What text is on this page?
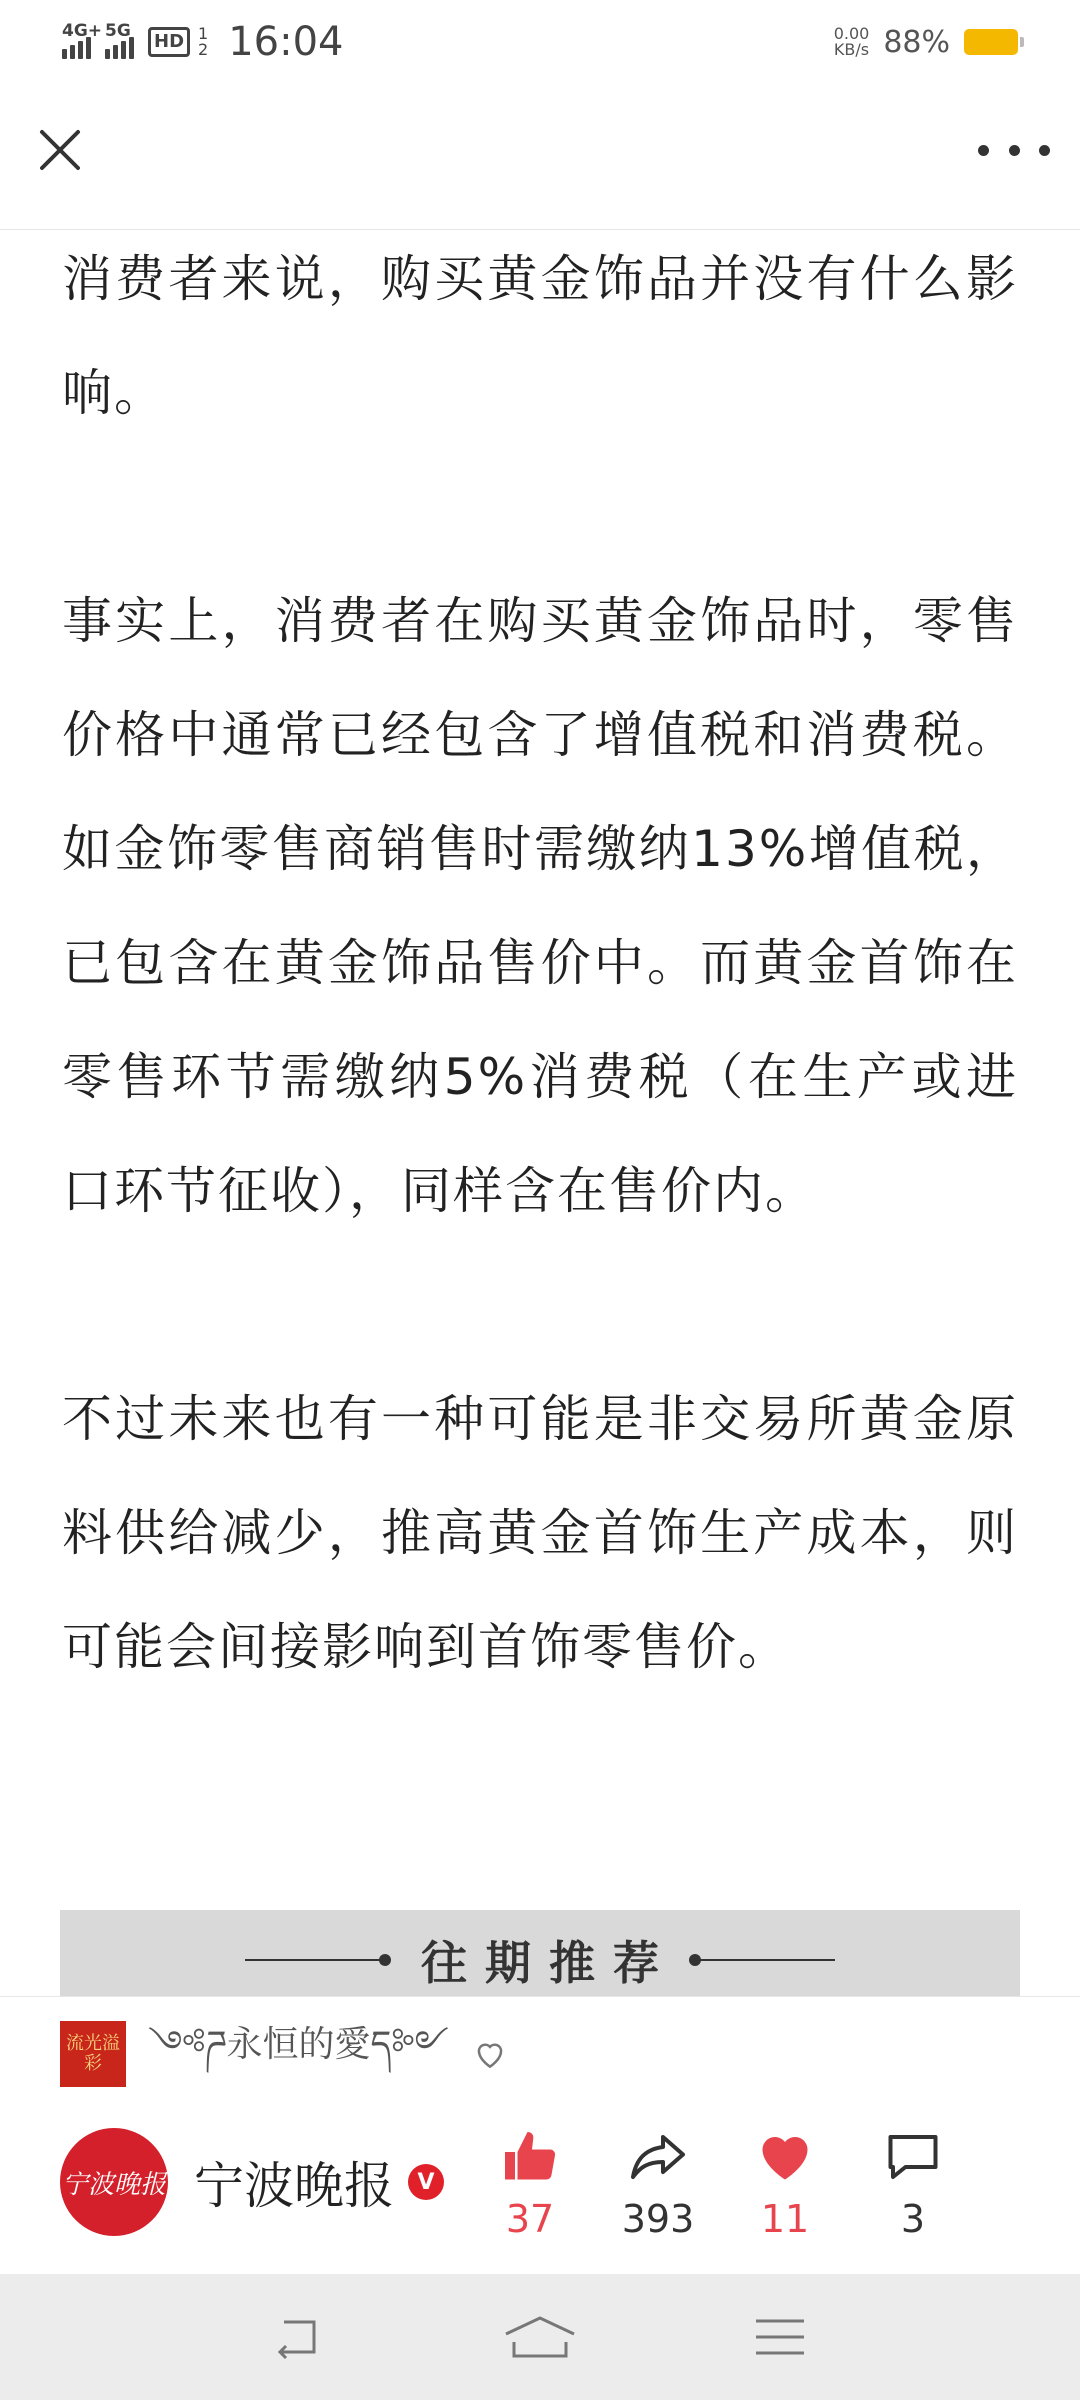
4G+ 5G	HD 1
2 16:04	0.00
KB/s 88%

消费者来说，购买黄金饰品并没有什么影响。

事实上，消费者在购买黄金饰品时，零售价格中通常已经包含了增值税和消费税。如金饰零售商销售时需缴纳13%增值税，已包含在黄金饰品售价中。而黄金首饰在零售环节需缴纳5%消费税（在生产或进口环节征收），同样含在售价内。

不过未来也有一种可能是非交易所黄金原料供给减少，推高黄金首饰生产成本，则可能会间接影响到首饰零售价。

往期推荐
流光溢彩	༺ཌ永恒的愛ད༻
宁波晚报 宁波晚报	V
37 393 11 3
